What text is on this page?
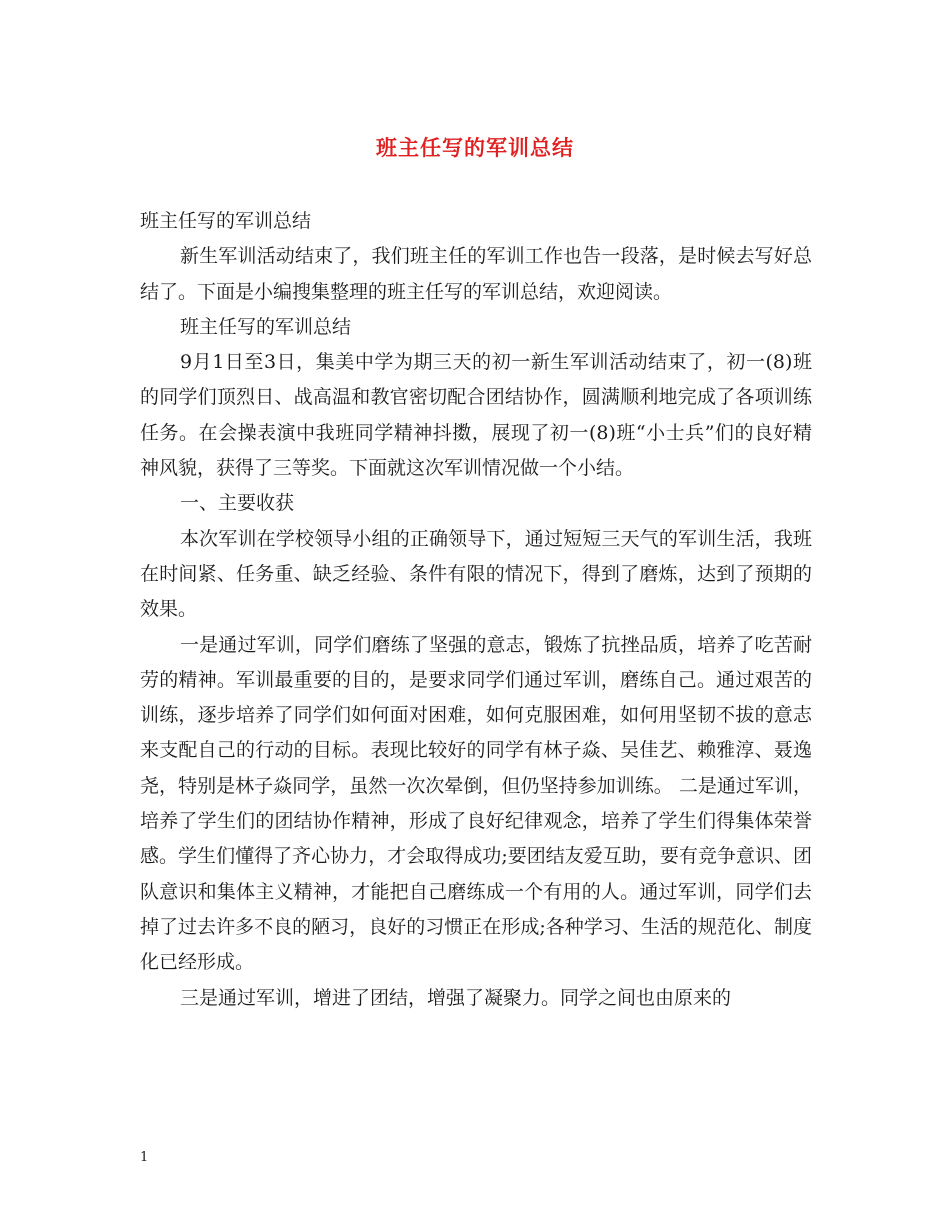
班主任写的军训总结

班主任写的军训总结

新生军训活动结束了，我们班主任的军训工作也告一段落，是时候去写好总结了。下面是小编搜集整理的班主任写的军训总结，欢迎阅读。

班主任写的军训总结

9月1日至3日，集美中学为期三天的初一新生军训活动结束了，初一(8)班的同学们顶烈日、战高温和教官密切配合团结协作，圆满顺利地完成了各项训练任务。在会操表演中我班同学精神抖擞，展现了初一(8)班“小士兵”们的良好精神风貌，获得了三等奖。下面就这次军训情况做一个小结。

一、主要收获

本次军训在学校领导小组的正确领导下，通过短短三天气的军训生活，我班在时间紧、任务重、缺乏经验、条件有限的情况下，得到了磨炼，达到了预期的效果。

一是通过军训，同学们磨练了坚强的意志，锻炼了抗挫品质，培养了吃苦耐劳的精神。军训最重要的目的，是要求同学们通过军训，磨练自己。通过艰苦的训练，逐步培养了同学们如何面对困难，如何克服困难，如何用坚韧不拔的意志来支配自己的行动的目标。表现比较好的同学有林子焱、吴佳艺、赖雅淳、聂逸尧，特别是林子焱同学，虽然一次次晕倒，但仍坚持参加训练。 二是通过军训，培养了学生们的团结协作精神，形成了良好纪律观念，培养了学生们得集体荣誉感。学生们懂得了齐心协力，才会取得成功;要团结友爱互助，要有竞争意识、团队意识和集体主义精神，才能把自己磨练成一个有用的人。通过军训，同学们去掉了过去许多不良的陋习，良好的习惯正在形成;各种学习、生活的规范化、制度化已经形成。

三是通过军训，增进了团结，增强了凝聚力。同学之间也由原来的

1
